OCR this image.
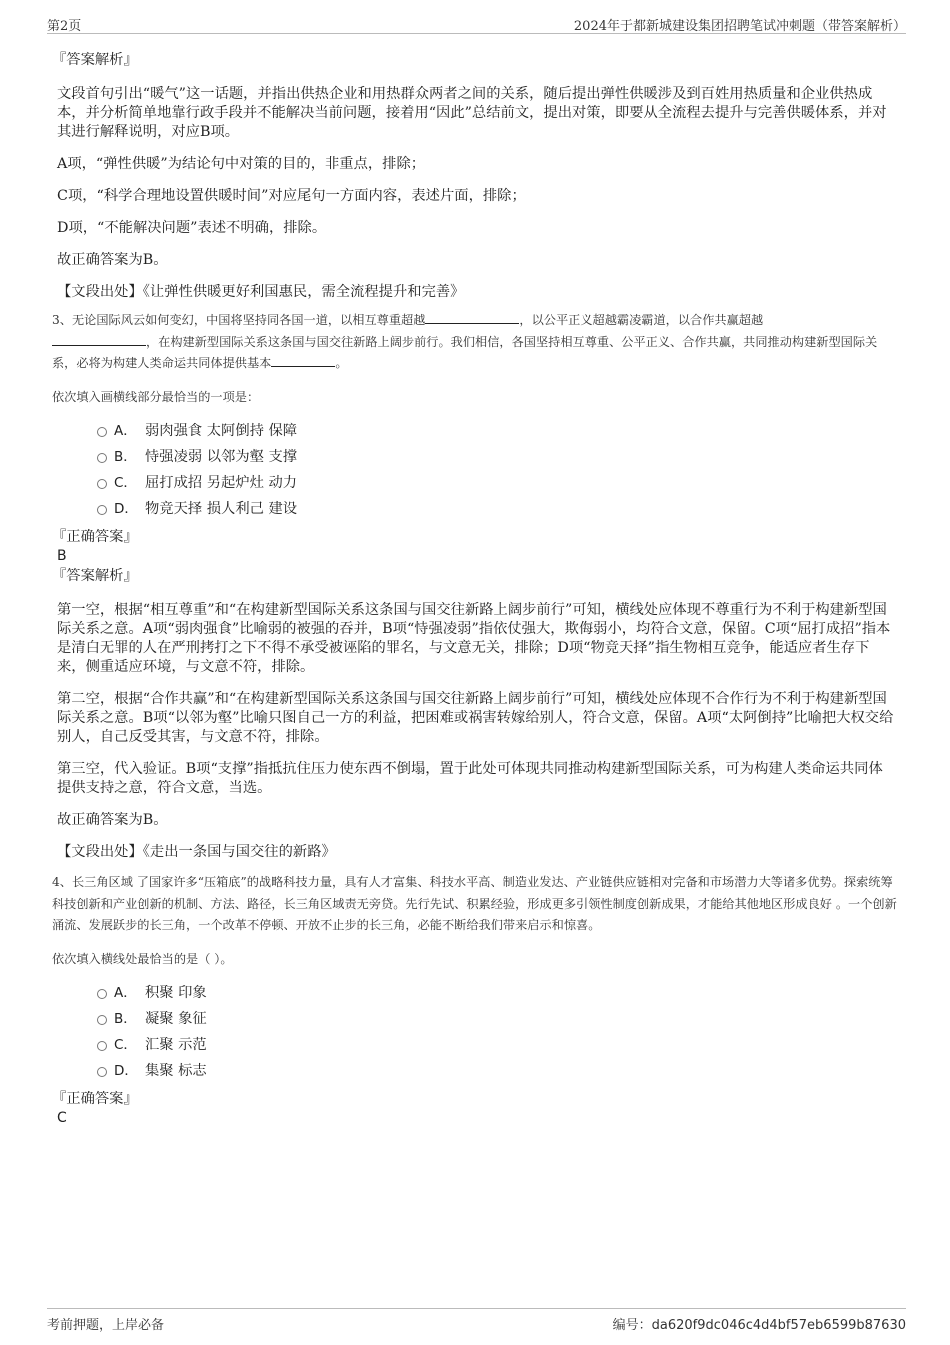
第2页	2024年于都新城建设集团招聘笔试冲刺题（带答案解析）

『答案解析』

文段首句引出“暖气”这一话题，并指出供热企业和用热群众两者之间的关系，随后提出弹性供暖涉及到百姓用热质量和企业供热成本，并分析简单地靠行政手段并不能解决当前问题，接着用“因此”总结前文，提出对策，即要从全流程去提升与完善供暖体系，并对其进行解释说明，对应B项。

A项，“弹性供暖”为结论句中对策的目的，非重点，排除；

C项，“科学合理地设置供暖时间”对应尾句一方面内容，表述片面，排除；

D项，“不能解决问题”表述不明确，排除。

故正确答案为B。

【文段出处】《让弹性供暖更好利国惠民，需全流程提升和完善》

3、无论国际风云如何变幻，中国将坚持同各国一道，以相互尊重超越	，以公平正义超越霸凌霸道，以合作共赢超越
，在构建新型国际关系这条国与国交往新路上阔步前行。我们相信，各国坚持相互尊重、公平正义、合作共赢，共同推动构建新型国际关系，必将为构建人类命运共同体提供基本	。

依次填入画横线部分最恰当的一项是：

A． 弱肉强食 太阿倒持 保障
B． 恃强凌弱 以邻为壑 支撑
C． 屈打成招 另起炉灶 动力
D． 物竞天择 损人利己 建设

『正确答案』

B

『答案解析』

第一空，根据“相互尊重”和“在构建新型国际关系这条国与国交往新路上阔步前行”可知，横线处应体现不尊重行为不利于构建新型国际关系之意。A项“弱肉强食”比喻弱的被强的吞并，B项“恃强凌弱”指依仗强大，欺侮弱小，均符合文意，保留。C项“屈打成招”指本是清白无罪的人在严刑拷打之下不得不承受被诬陷的罪名，与文意无关，排除；D项“物竞天择”指生物相互竞争，能适应者生存下来，侧重适应环境，与文意不符，排除。

第二空，根据“合作共赢”和“在构建新型国际关系这条国与国交往新路上阔步前行”可知，横线处应体现不合作行为不利于构建新型国际关系之意。B项“以邻为壑”比喻只图自己一方的利益，把困难或祸害转嫁给别人，符合文意，保留。A项“太阿倒持”比喻把大权交给别人，自己反受其害，与文意不符，排除。

第三空，代入验证。B项“支撑”指抵抗住压力使东西不倒塌，置于此处可体现共同推动构建新型国际关系，可为构建人类命运共同体提供支持之意，符合文意，当选。

故正确答案为B。

【文段出处】《走出一条国与国交往的新路》

4、长三角区域 了国家许多“压箱底”的战略科技力量，具有人才富集、科技水平高、制造业发达、产业链供应链相对完备和市场潜力大等诸多优势。探索统筹科技创新和产业创新的机制、方法、路径，长三角区域责无旁贷。先行先试、积累经验，形成更多引领性制度创新成果，才能给其他地区形成良好 。一个创新涌流、发展跃步的长三角，一个改革不停顿、开放不止步的长三角，必能不断给我们带来启示和惊喜。

依次填入横线处最恰当的是（ ）。

A． 积聚 印象
B． 凝聚 象征
C． 汇聚 示范
D． 集聚 标志

『正确答案』

C

考前押题，上岸必备	编号：da620f9dc046c4d4bf57eb6599b87630
